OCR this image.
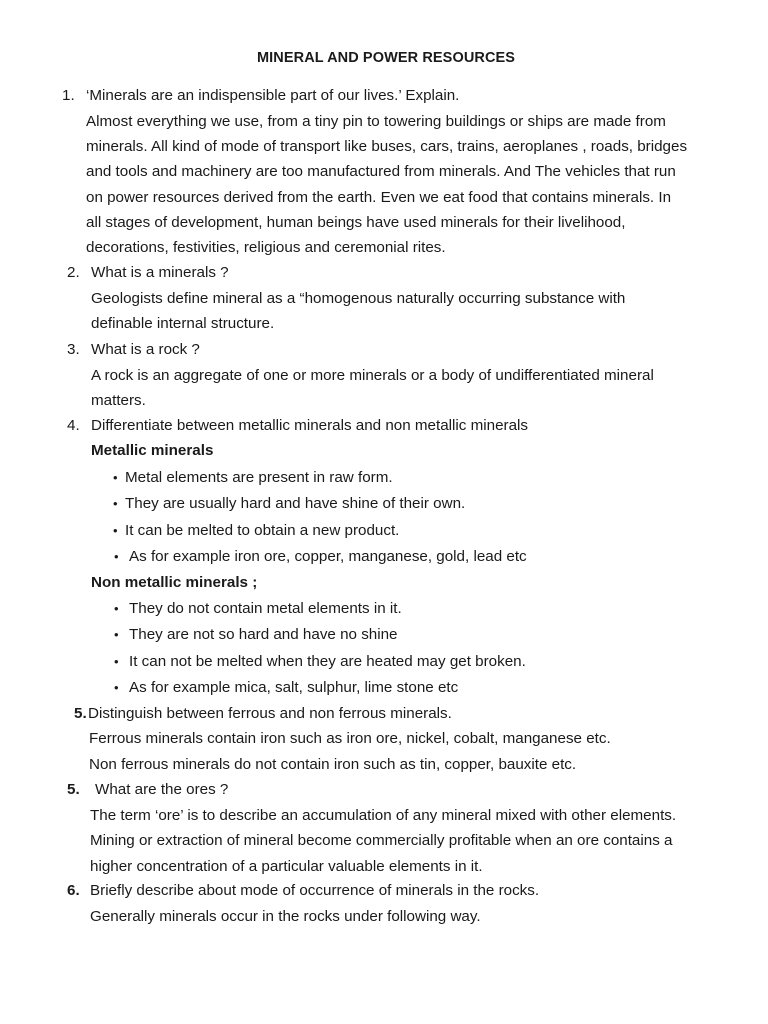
MINERAL AND POWER RESOURCES
1. ‘Minerals are an indispensible part of our lives.’ Explain.
Almost everything we use, from a tiny pin to towering buildings or ships are made from
minerals. All kind of mode of transport like buses, cars, trains, aeroplanes , roads, bridges
and tools and machinery are too manufactured from minerals. And The vehicles that run
on power resources derived from the earth. Even we eat food that contains minerals. In
all stages of development, human beings have used minerals for their livelihood,
decorations, festivities, religious and ceremonial rites.
2. What is a minerals ?
Geologists define mineral as a “homogenous naturally occurring substance with
definable internal structure.
3. What is a rock ?
A rock is an aggregate of one or more minerals or a body of undifferentiated mineral
matters.
4. Differentiate between metallic minerals and non metallic minerals
Metallic minerals
• Metal elements are present in raw form.
• They are usually hard and have shine of their own.
• It can be melted to obtain a new product.
• As for example iron ore, copper, manganese, gold, lead etc
Non metallic minerals ;
• They do not contain metal elements in it.
• They are not so hard and have no shine
• It can not be melted when they are heated may get broken.
• As for example mica, salt, sulphur, lime stone etc
5. Distinguish between ferrous and non ferrous minerals.
Ferrous minerals contain iron such as iron ore, nickel, cobalt, manganese etc.
Non ferrous minerals do not contain iron such as tin, copper, bauxite etc.
5. What are the ores ?
The term ‘ore’ is to describe an accumulation of any mineral mixed with other elements.
Mining or extraction of mineral become commercially profitable when an ore contains a
higher concentration of a particular valuable elements in it.
6. Briefly describe about mode of occurrence of minerals in the rocks.
Generally minerals occur in the rocks under following way.
